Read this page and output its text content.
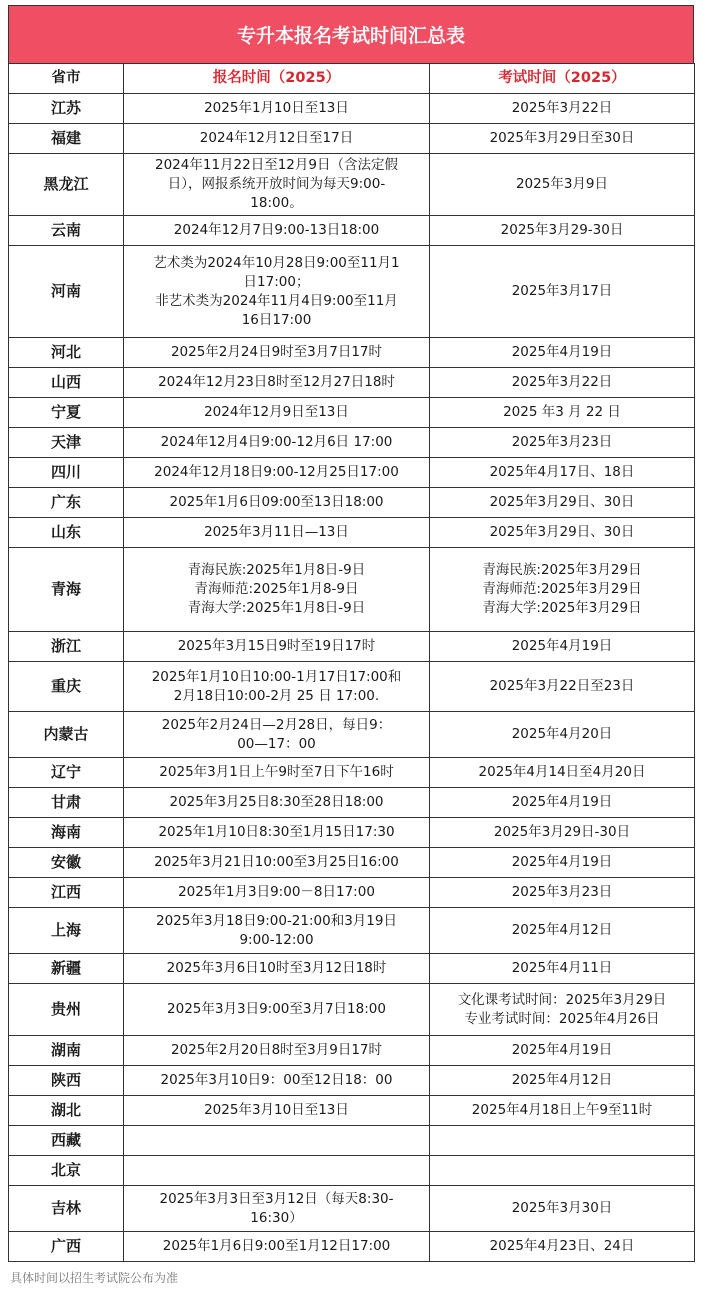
专升本报名考试时间汇总表
省市	报名时间（2025）	考试时间（2025）
江苏	2025年1月10日至13日	2025年3月22日

福建	2024年12月12日至17日	2025年3月29日至30日

黑龙江	2024年11月22日至12月9日（含法定假
日），网报系统开放时间为每天9:00-
18:00。	2025年3月9日

云南	2024年12月7日9:00-13日18:00	2025年3月29-30日

河南	艺术类为2024年10月28日9:00至11月1
日17:00；
非艺术类为2024年11月4日9:00至11月
16日17:00	2025年3月17日

河北	2025年2月24日9时至3月7日17时	2025年4月19日

山西	2024年12月23日8时至12月27日18时	2025年3月22日

宁夏	2024年12月9日至13日	2025 年3 月 22 日

天津	2024年12月4日9:00-12月6日 17:00	2025年3月23日

四川	2024年12月18日9:00-12月25日17:00	2025年4月17日、18日

广东	2025年1月6日09:00至13日18:00	2025年3月29日、30日

山东	2025年3月11日—13日	2025年3月29日、30日

青海	青海民族:2025年1月8日-9日
青海师范:2025年1月8-9日
青海大学:2025年1月8日-9日	青海民族:2025年3月29日
青海师范:2025年3月29日
青海大学:2025年3月29日

浙江	2025年3月15日9时至19日17时	2025年4月19日

重庆	2025年1月10日10:00-1月17日17:00和
2月18日10:00-2月 25 日 17:00.	2025年3月22日至23日

内蒙古	2025年2月24日—2月28日，每日9：
00—17：00	2025年4月20日

辽宁	2025年3月1日上午9时至7日下午16时	2025年4月14日至4月20日

甘肃	2025年3月25日8:30至28日18:00	2025年4月19日

海南	2025年1月10日8:30至1月15日17:30	2025年3月29日-30日

安徽	2025年3月21日10:00至3月25日16:00	2025年4月19日

江西	2025年1月3日9:00－8日17:00	2025年3月23日

上海	2025年3月18日9:00-21:00和3月19日
9:00-12:00	2025年4月12日

新疆	2025年3月6日10时至3月12日18时	2025年4月11日

贵州	2025年3月3日9:00至3月7日18:00	文化课考试时间：2025年3月29日
专业考试时间：2025年4月26日

湖南	2025年2月20日8时至3月9日17时	2025年4月19日

陕西	2025年3月10日9：00至12日18：00	2025年4月12日

湖北	2025年3月10日至13日	2025年4月18日上午9至11时

西藏		
北京		
吉林	2025年3月3日至3月12日（每天8:30-
16:30）	2025年3月30日

广西	2025年1月6日9:00至1月12日17:00	2025年4月23日、24日
具体时间以招生考试院公布为准
